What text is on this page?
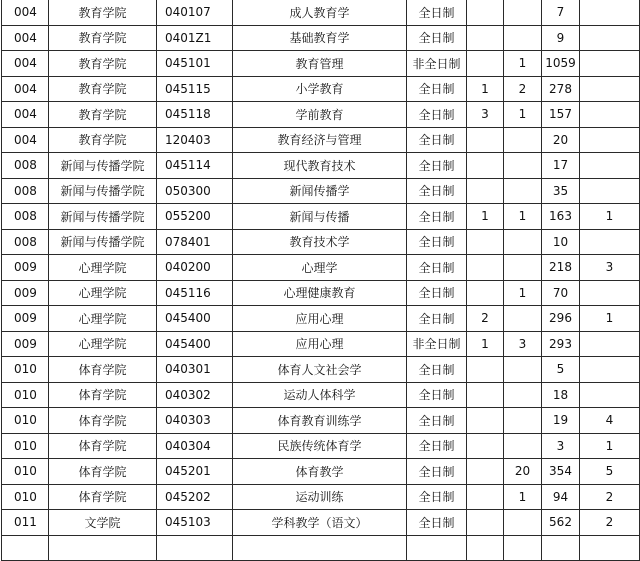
004	教育学院	040107	成人教育学	全日制			7	
004	教育学院	0401Z1	基础教育学	全日制			9	
004	教育学院	045101	教育管理	非全日制		1	1059	
004	教育学院	045115	小学教育	全日制	1	2	278	
004	教育学院	045118	学前教育	全日制	3	1	157	
004	教育学院	120403	教育经济与管理	全日制			20	
008	新闻与传播学院	045114	现代教育技术	全日制			17	
008	新闻与传播学院	050300	新闻传播学	全日制			35	
008	新闻与传播学院	055200	新闻与传播	全日制	1	1	163	1
008	新闻与传播学院	078401	教育技术学	全日制			10	
009	心理学院	040200	心理学	全日制			218	3
009	心理学院	045116	心理健康教育	全日制		1	70	
009	心理学院	045400	应用心理	全日制	2		296	1
009	心理学院	045400	应用心理	非全日制	1	3	293	
010	体育学院	040301	体育人文社会学	全日制			5	
010	体育学院	040302	运动人体科学	全日制			18	
010	体育学院	040303	体育教育训练学	全日制			19	4
010	体育学院	040304	民族传统体育学	全日制			3	1
010	体育学院	045201	体育教学	全日制		20	354	5
010	体育学院	045202	运动训练	全日制		1	94	2
011	文学院	045103	学科教学（语文）	全日制			562	2
